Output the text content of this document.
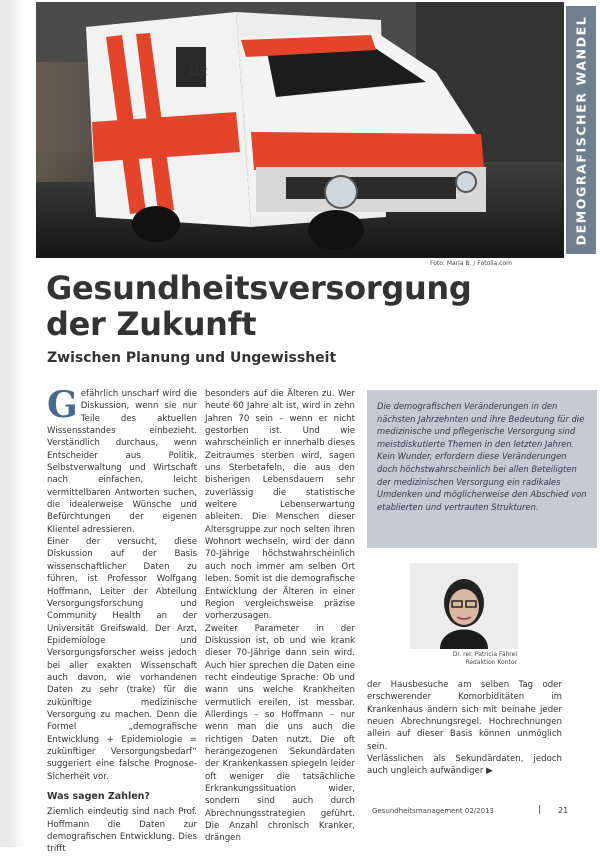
112	DEMOGRAFISCHER WANDEL
Foto: Maria B. / Fotolia.com
Gesundheitsversorgung
der Zukunft
Zwischen Planung und Ungewissheit

Gefährlich unscharf wird die Diskussion, wenn sie nur Teile des aktuellen Wissensstandes einbezieht. Verständlich durchaus, wenn Entscheider aus Politik, Selbstverwaltung und Wirtschaft nach einfachen, leicht vermittelbaren Antworten suchen, die idealerweise Wünsche und Befürchtungen der eigenen Klientel adressieren.

Einer der versucht, diese Diskussion auf der Basis wissenschaftlicher Daten zu führen, ist Professor Wolfgang Hoffmann, Leiter der Abteilung Versorgungsforschung und Community Health an der Universität Greifswald. Der Arzt, Epidemiologe und Versorgungsforscher weiss jedoch bei aller exakten Wissenschaft auch davon, wie vorhandenen Daten zu sehr (trake) für die zukünftige medizinische Versorgung zu machen. Denn die Formel „demografische Entwicklung + Epidemiologie = zukünftiger Versorgungsbedarf“ suggeriert eine falsche Prognose-Sicherheit vor.

Was sagen Zahlen?

Ziemlich eindeutig sind nach Prof. Hoffmann die Daten zur demografischen Entwicklung. Dies trifft

besonders auf die Älteren zu. Wer heute 60 Jahre alt ist, wird in zehn Jahren 70 sein – wenn er nicht gestorben ist. Und wie wahrscheinlich er innerhalb dieses Zeitraumes sterben wird, sagen uns Sterbetafeln, die aus den bisherigen Lebensdauern sehr zuverlässig die statistische weitere Lebenserwartung ableiten. Die Menschen dieser Altersgruppe zur noch selten ihren Wohnort wechseln, wird der dann 70-Jährige höchstwahrscheinlich auch noch immer am selben Ort leben. Somit ist die demografische Entwicklung der Älteren in einer Region vergleichsweise präzise vorherzusagen.

Zweiter Parameter in der Diskussion ist, ob und wie krank dieser 70-Jährige dann sein wird. Auch hier sprechen die Daten eine recht eindeutige Sprache: Ob und wann uns welche Krankheiten vermutlich ereilen, ist messbar. Allerdings – so Hoffmann – nur wenn man die uns auch die richtigen Daten nutzt. Die oft herangezogenen Sekundärdaten der Krankenkassen spiegeln leider oft weniger die tatsächliche Erkrankungssituation wider, sondern sind auch durch Abrechnungsstrategien geführt. Die Anzahl chronisch Kranker, drängen

Die demografischen Veränderungen in den nächsten Jahrzehnten und ihre Bedeutung für die medizinische und pflegerische Versorgung sind meistdiskutierte Themen in den letzten Jahren. Kein Wunder, erfordern diese Veränderungen doch höchstwahrscheinlich bei allen Beteiligten der medizinischen Versorgung ein radikales Umdenken und möglicherweise den Abschied von etablierten und vertrauten Strukturen.

Dr. rer. Patricia Fährel
Redaktion Kontor

der Hausbesuche am selben Tag oder erschwerender Komorbiditäten im Krankenhaus ändern sich mit beinahe jeder neuen Abrechnungsregel. Hochrechnungen allein auf dieser Basis können unmöglich sein.

Verlässlichen als Sekundärdaten, jedoch auch ungleich aufwändiger ▶

Gesundheitsmanagement 02/2013	| 21
